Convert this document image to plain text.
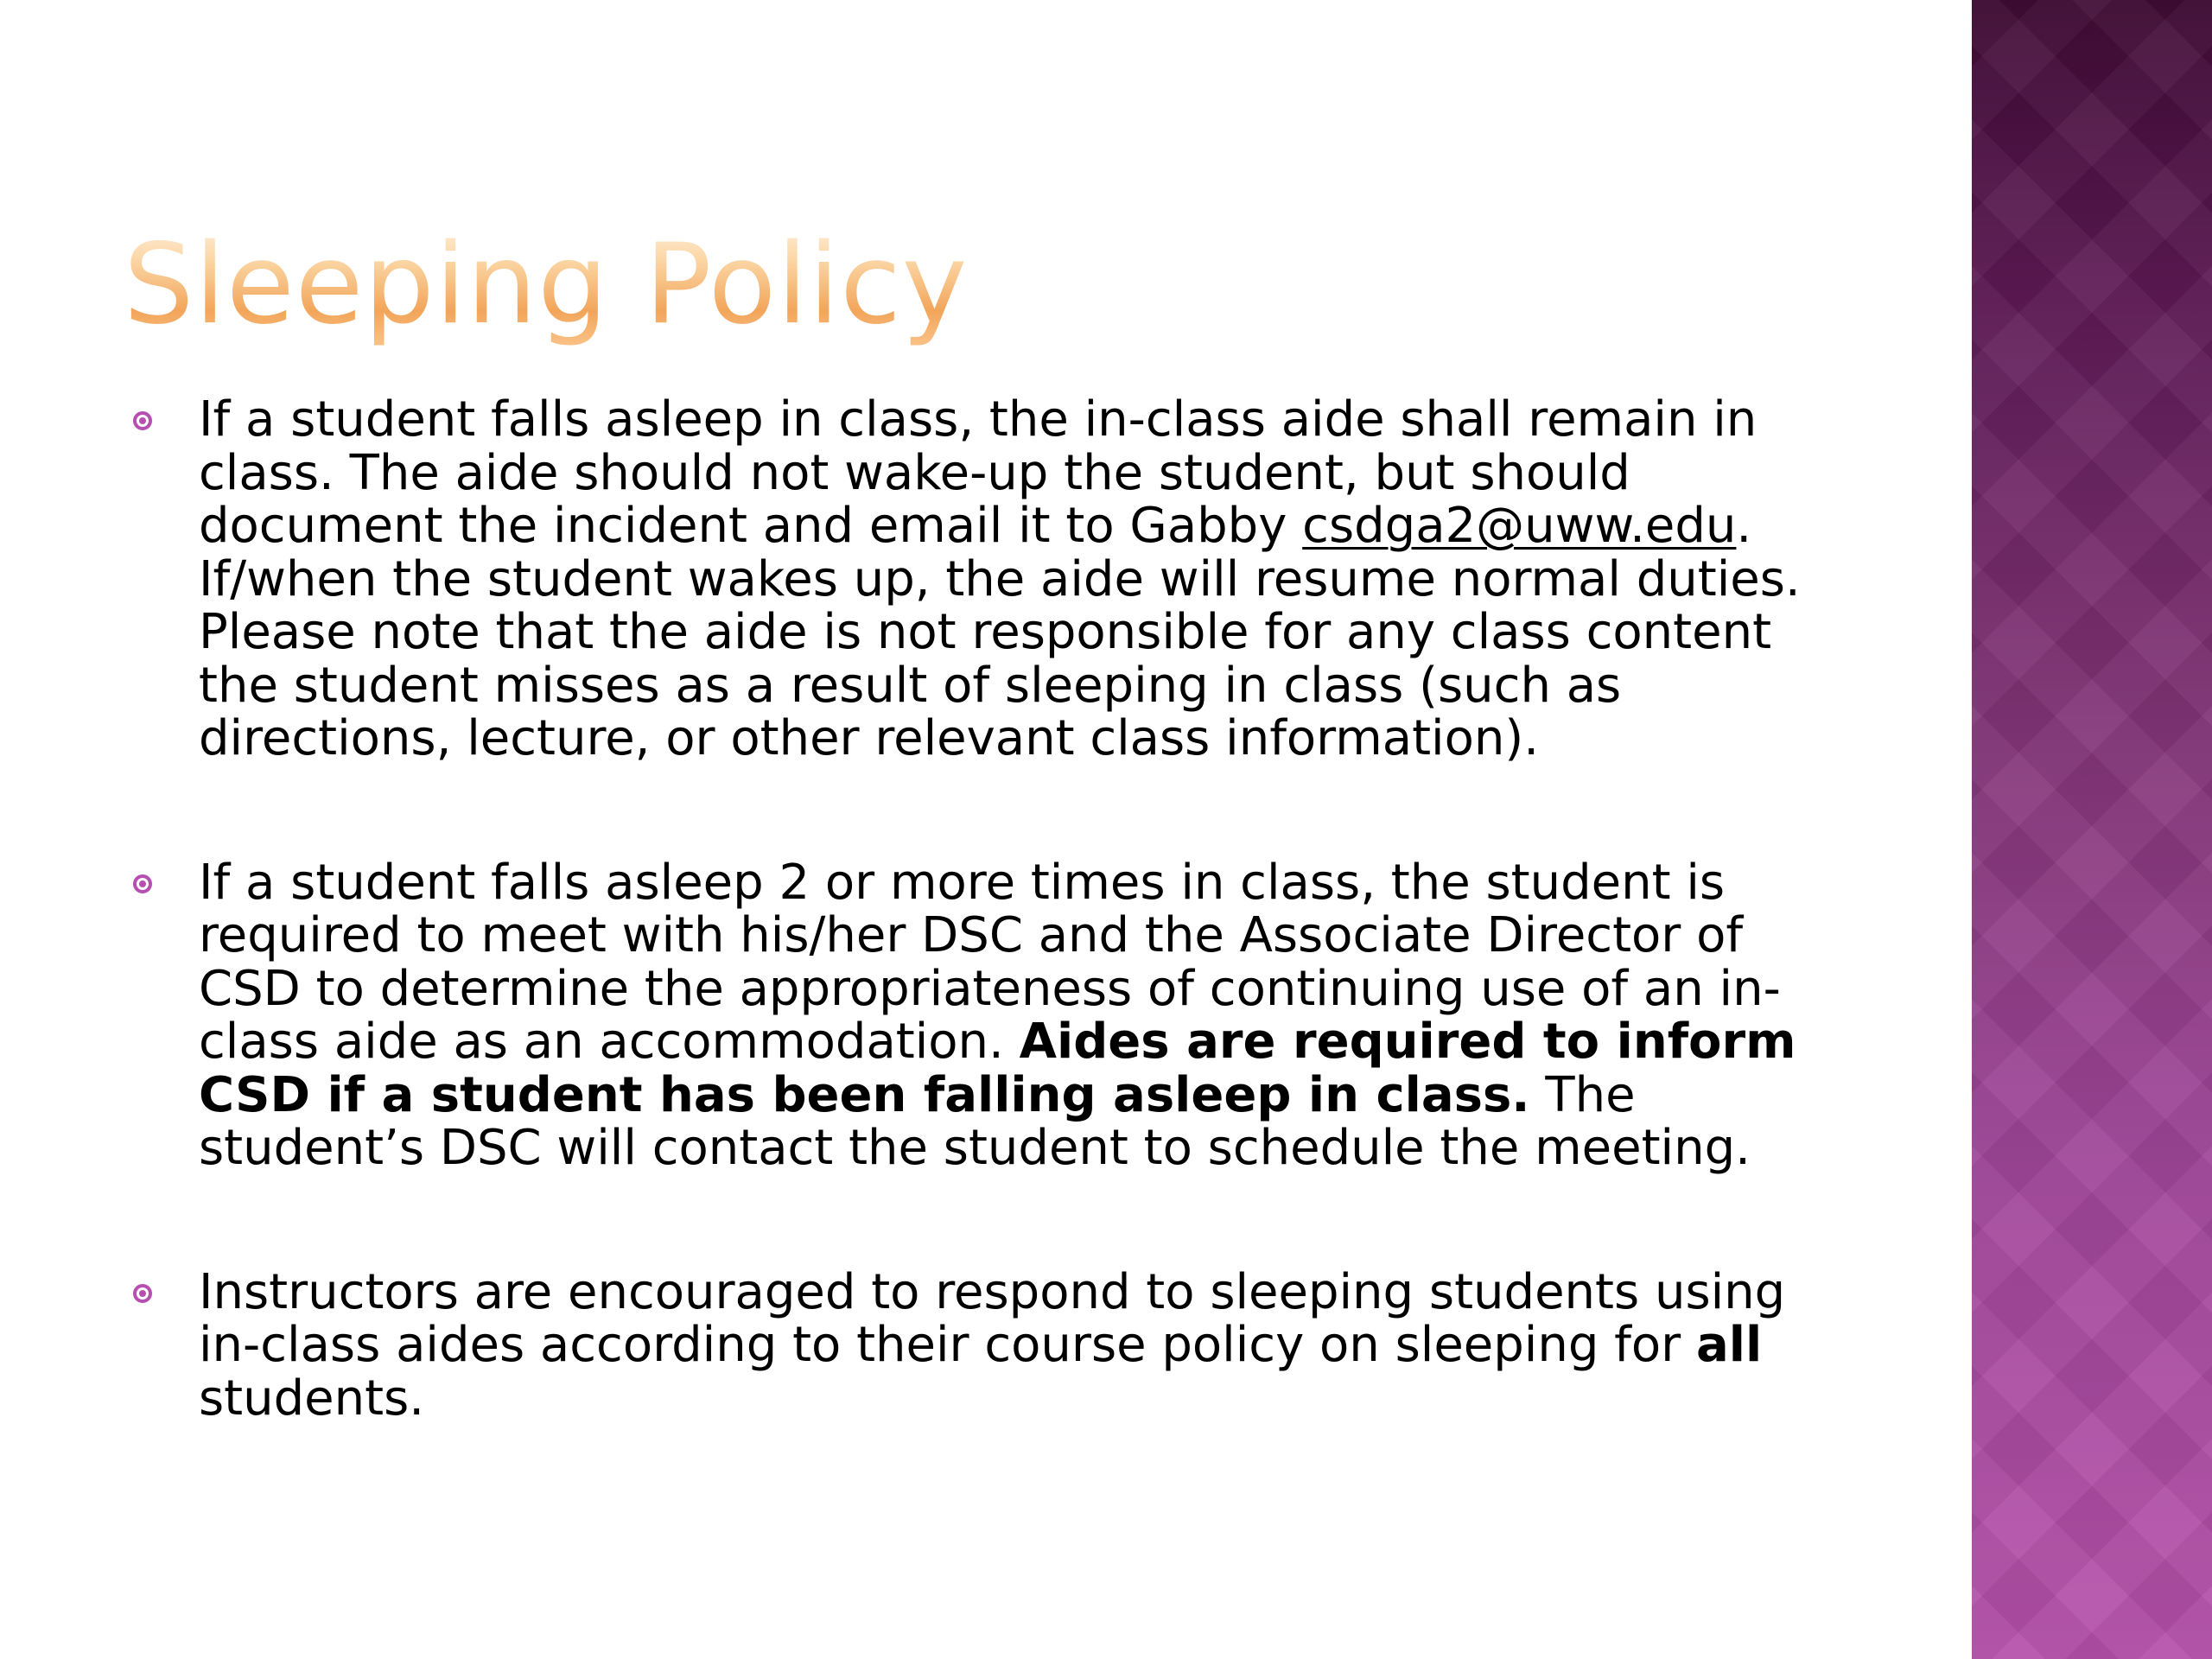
Sleeping Policy
If a student falls asleep in class, the in-class aide shall remain in class. The aide should not wake-up the student, but should document the incident and email it to Gabby csdga2@uww.edu. If/when the student wakes up, the aide will resume normal duties. Please note that the aide is not responsible for any class content the student misses as a result of sleeping in class (such as directions, lecture, or other relevant class information).
If a student falls asleep 2 or more times in class, the student is required to meet with his/her DSC and the Associate Director of CSD to determine the appropriateness of continuing use of an in-class aide as an accommodation. Aides are required to inform CSD if a student has been falling asleep in class. The student’s DSC will contact the student to schedule the meeting.
Instructors are encouraged to respond to sleeping students using in-class aides according to their course policy on sleeping for all students.
